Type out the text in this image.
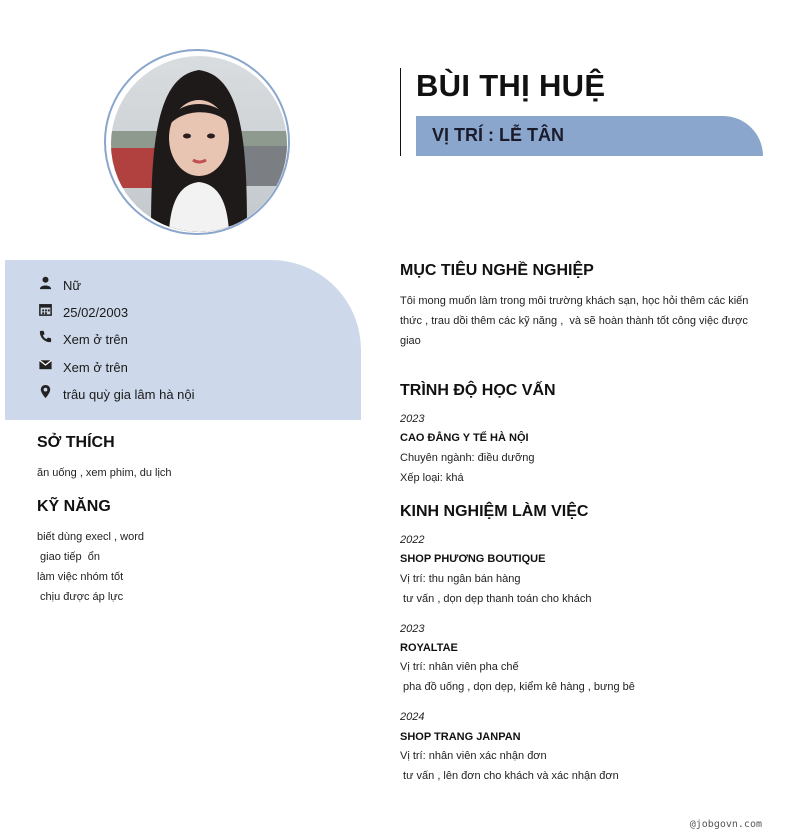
BÙI THỊ HUỆ
VỊ TRÍ : LỄ TÂN
Nữ
25/02/2003
Xem ở trên
Xem ở trên
trâu quỳ gia lâm hà nội
SỞ THÍCH
ăn uống , xem phim, du lịch
KỸ NĂNG
biết dùng execl , word
giao tiếp  ổn
làm việc nhóm tốt
chịu được áp lực
MỤC TIÊU NGHỀ NGHIỆP
Tôi mong muốn làm trong môi trường khách sạn, học hỏi thêm các kiến
thức , trau dồi thêm các kỹ năng ,  và sẽ hoàn thành tốt công việc được
giao
TRÌNH ĐỘ HỌC VẤN
2023
CAO ĐẲNG Y TẾ HÀ NỘI
Chuyên ngành: điều dưỡng
Xếp loại: khá
KINH NGHIỆM LÀM VIỆC
2022
SHOP PHƯƠNG BOUTIQUE
Vị trí: thu ngân bán hàng
tư vấn , dọn dẹp thanh toán cho khách
2023
ROYALTAE
Vị trí: nhân viên pha chế
pha đồ uống , dọn dẹp, kiểm kê hàng , bưng bê
2024
SHOP TRANG JANPAN
Vị trí: nhân viên xác nhận đơn
tư vấn , lên đơn cho khách và xác nhận đơn
@jobgovn.com
